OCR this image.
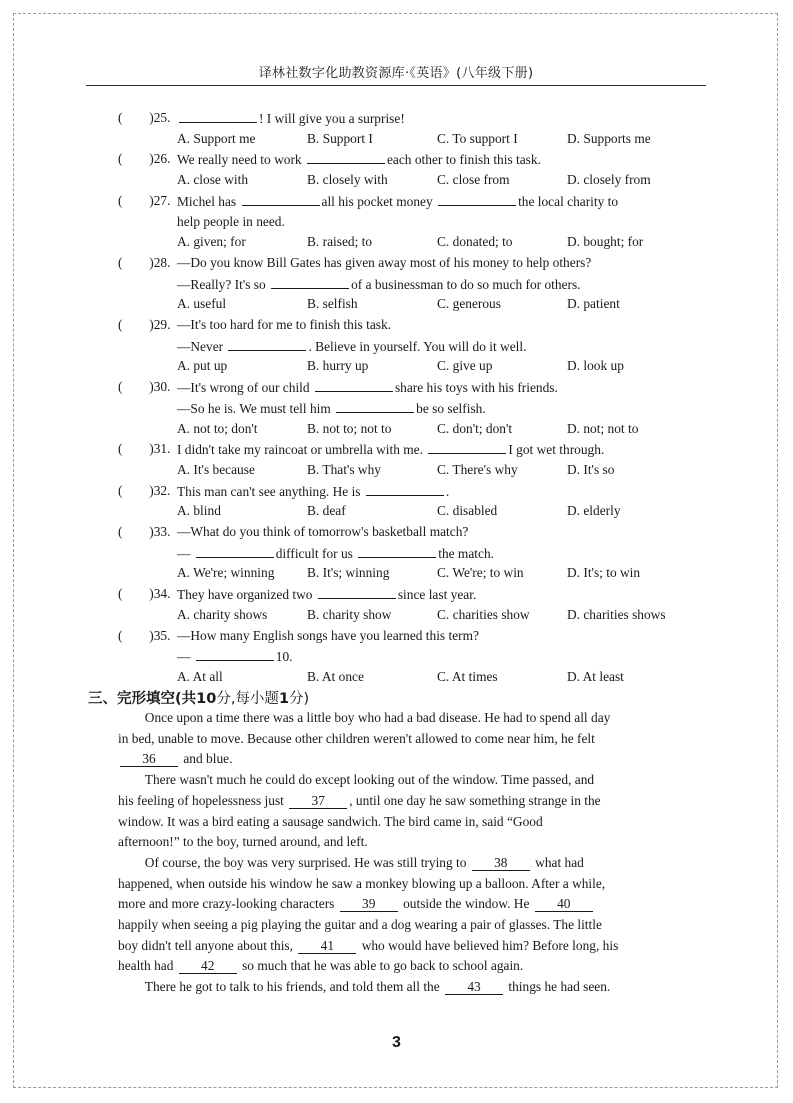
译林社数字化助教资源库·《英语》(八年级下册)
(　　)25.	! I will give you a surprise!
A. Support me	B. Support I	C. To support I	D. Supports me
(　　)26. We really need to work	each other to finish this task.
A. close with	B. closely with	C. close from	D. closely from
(　　)27. Michel has	all his pocket money	the local charity to
help people in need.
A. given; for	B. raised; to	C. donated; to	D. bought; for
(　　)28. —Do you know Bill Gates has given away most of his money to help others?
—Really? It's so	of a businessman to do so much for others.
A. useful	B. selfish	C. generous	D. patient
(　　)29. —It's too hard for me to finish this task.
—Never	. Believe in yourself. You will do it well.
A. put up	B. hurry up	C. give up	D. look up
(　　)30. —It's wrong of our child	share his toys with his friends.
—So he is. We must tell him	be so selfish.
A. not to; don't	B. not to; not to	C. don't; don't	D. not; not to
(　　)31. I didn't take my raincoat or umbrella with me.	I got wet through.
A. It's because	B. That's why	C. There's why	D. It's so
(　　)32. This man can't see anything. He is	.
A. blind	B. deaf	C. disabled	D. elderly
(　　)33. —What do you think of tomorrow's basketball match?
—	difficult for us	the match.
A. We're; winning B. It's; winning	C. We're; to win	D. It's; to win
(　　)34. They have organized two	since last year.
A. charity shows	B. charity show	C. charities show	D. charities shows
(　　)35. —How many English songs have you learned this term?
—	10.
A. At all	B. At once	C. At times	D. At least
三、完形填空(共10分,每小题1分)
　　Once upon a time there was a little boy who had a bad disease. He had to spend all day
in bed, unable to move. Because other children weren't allowed to come near him, he felt
36 and blue.
　　There wasn't much he could do except looking out of the window. Time passed, and
his feeling of hopelessness just 37 , until one day he saw something strange in the
window. It was a bird eating a sausage sandwich. The bird came in, said “Good
afternoon!” to the boy, turned around, and left.
　　Of course, the boy was very surprised. He was still trying to 38 what had
happened, when outside his window he saw a monkey blowing up a balloon. After a while,
more and more crazy-looking characters 39 outside the window. He 40
happily when seeing a pig playing the guitar and a dog wearing a pair of glasses. The little
boy didn't tell anyone about this, 41 who would have believed him? Before long, his
health had 42 so much that he was able to go back to school again.
　　There he got to talk to his friends, and told them all the 43 things he had seen.
3
